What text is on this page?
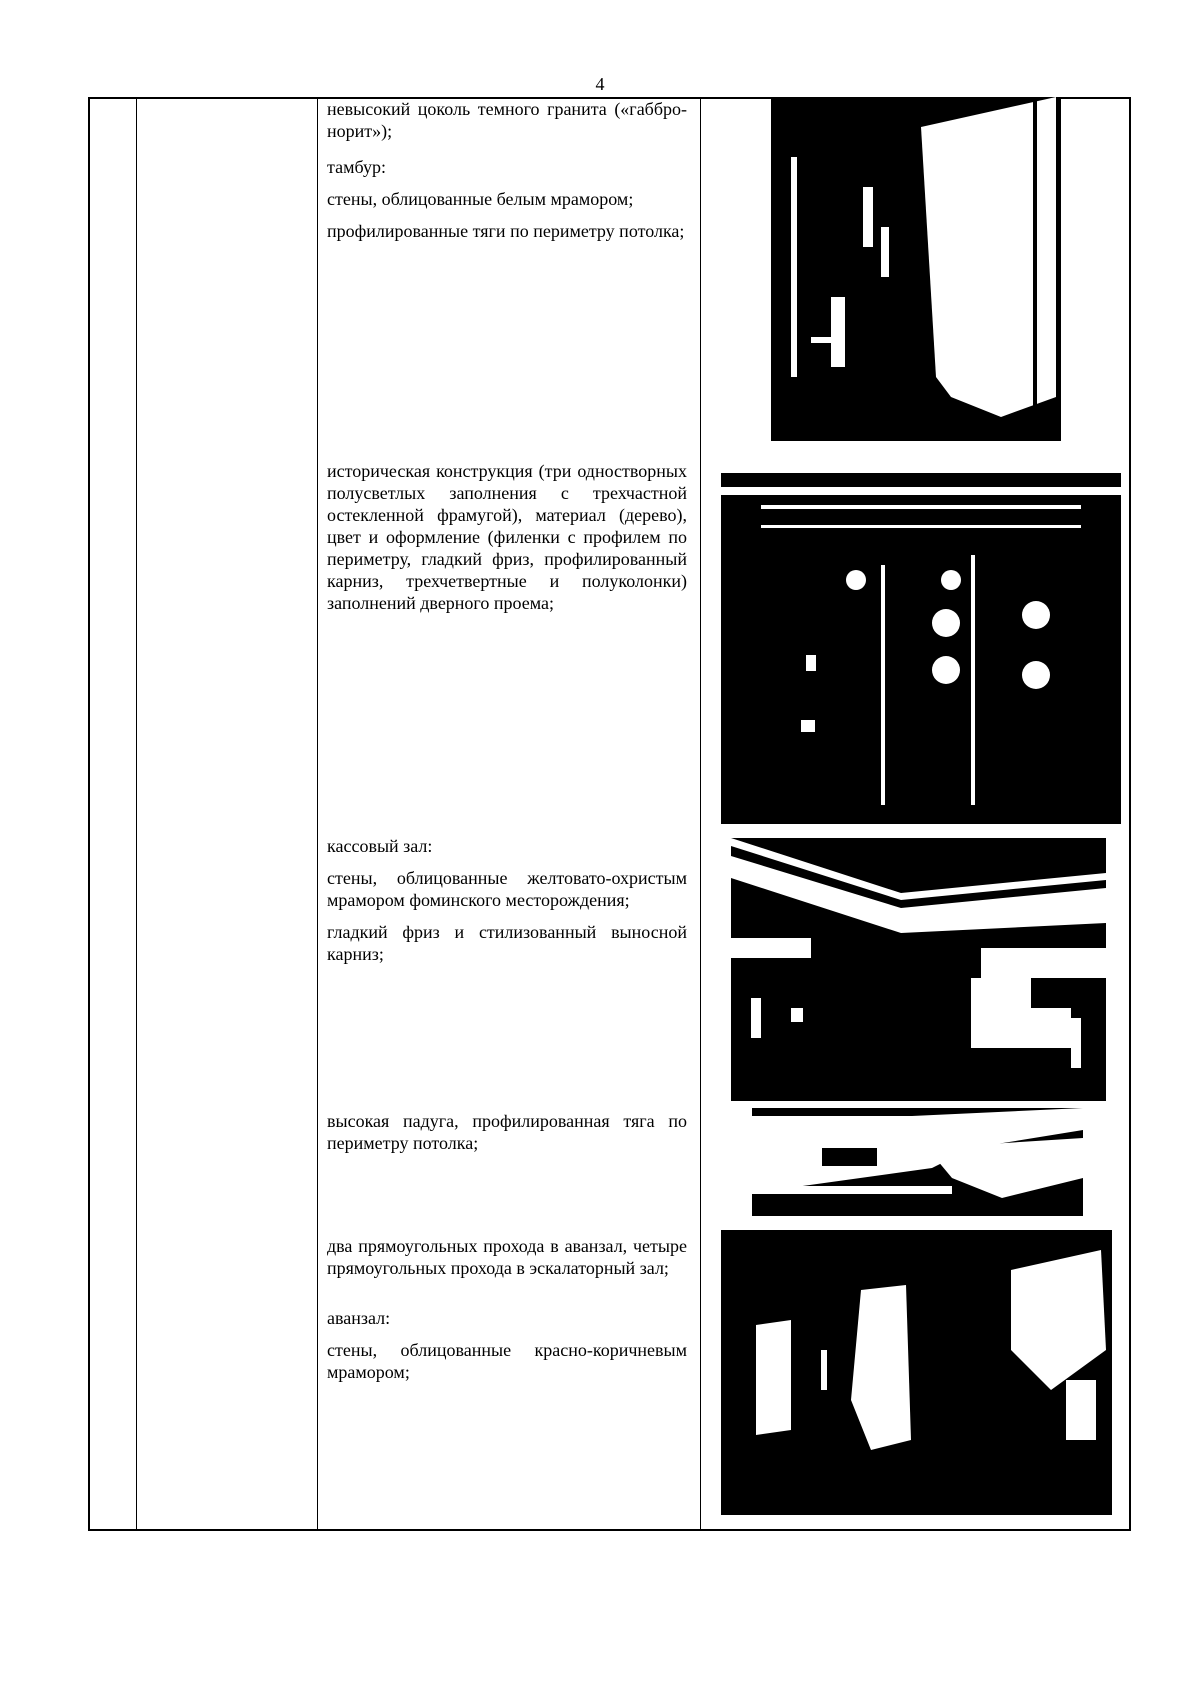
4

невысокий цоколь темного гранита («габбро-норит»);

тамбур:

стены, облицованные белым мрамором;

профилированные тяги по периметру потолка;

историческая конструкция (три одностворных полусветлых заполнения с трехчастной остекленной фрамугой), материал (дерево), цвет и оформление (филенки с профилем по периметру, гладкий фриз, профилированный карниз, трехчетвертные и полуколонки) заполнений дверного проема;

кассовый зал:

стены, облицованные желтовато-охристым мрамором фоминского месторождения;

гладкий фриз и стилизованный выносной карниз;

высокая падуга, профилированная тяга по периметру потолка;

два прямоугольных прохода в аванзал, четыре прямоугольных прохода в эскалаторный зал;

аванзал:

стены, облицованные красно-коричневым мрамором;
